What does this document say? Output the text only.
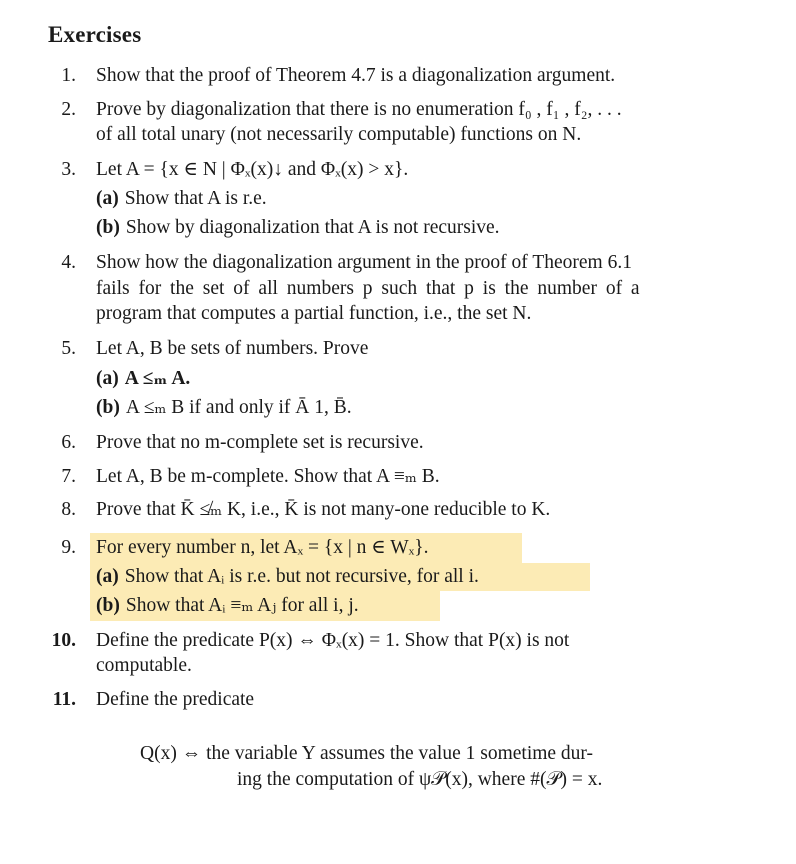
Exercises
1. Show that the proof of Theorem 4.7 is a diagonalization argument.
2. Prove by diagonalization that there is no enumeration f₀ , f₁ , f₂, . . .
of all total unary (not necessarily computable) functions on N.
3. Let A = {x ∈ N | Φₓ(x)↓ and Φₓ(x) > x}.
(a) Show that A is r.e.
(b) Show by diagonalization that A is not recursive.
4. Show how the diagonalization argument in the proof of Theorem 6.1
fails for the set of all numbers p such that p is the number of a
program that computes a partial function, i.e., the set N.
5. Let A, B be sets of numbers. Prove
(a) A ≤ₘ A.
(b) A ≤ₘ B if and only if Ā 1, B̄.
6. Prove that no m-complete set is recursive.
7. Let A, B be m-complete. Show that A ≡ₘ B.
8. Prove that K̄ ≰ₘ K, i.e., K̄ is not many-one reducible to K.
9. For every number n, let Aₓ = {x | n ∈ Wₓ}.
(a) Show that Aᵢ is r.e. but not recursive, for all i.
(b) Show that Aᵢ ≡ₘ Aⱼ for all i, j.
10. Define the predicate P(x) ⇔ Φₓ(x) = 1. Show that P(x) is not
computable.
11. Define the predicate
Q(x) ⇔ the variable Y assumes the value 1 sometime dur-
ing the computation of ψ𝒫(x), where #(𝒫) = x.
